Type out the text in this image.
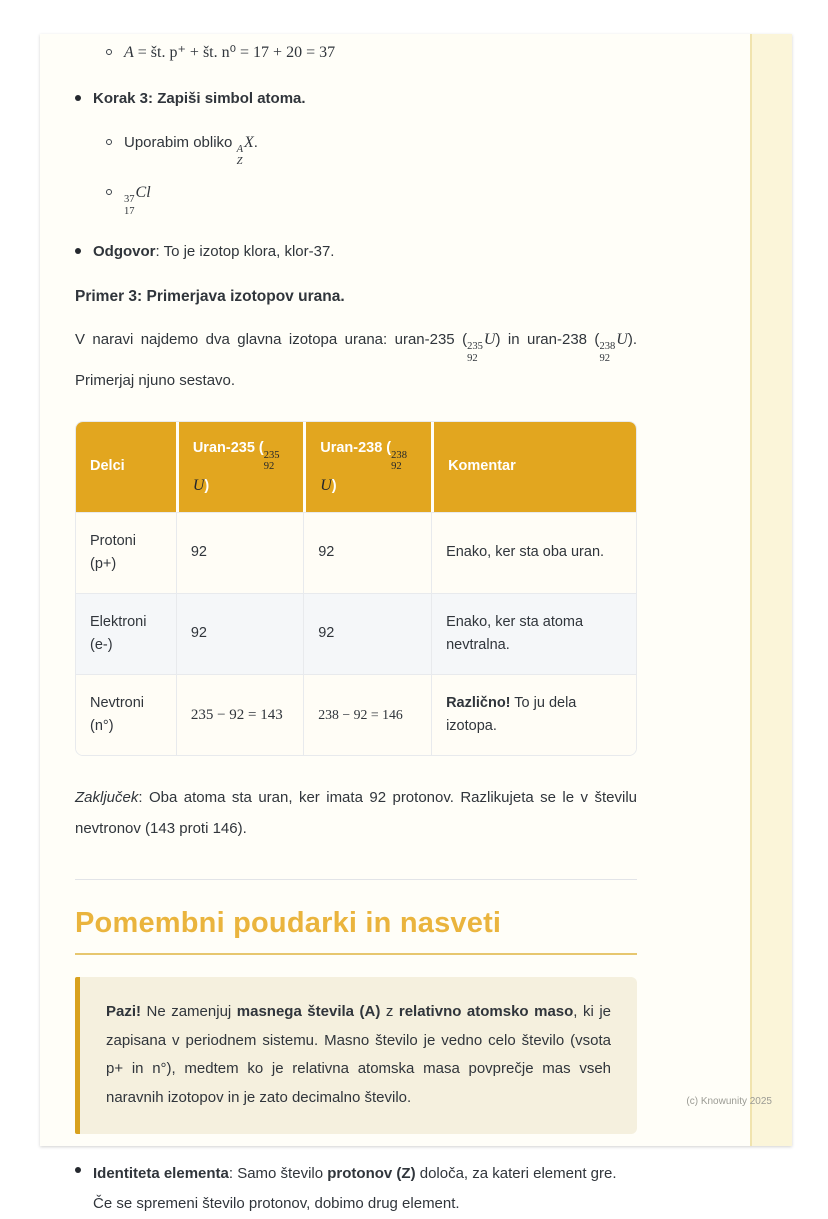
A = št. p⁺ + št. n⁰ = 17 + 20 = 37
Korak 3: Zapiši simbol atoma.
Uporabim obliko A
Z
X.
37
17
Cl
Odgovor: To je izotop klora, klor-37.
Primer 3: Primerjava izotopov urana.

V naravi najdemo dva glavna izotopa urana: uran-235 ( 235
92
U) in uran-238 ( 238
92
U). Primerjaj njuno sestavo.

Delci	Uran-235 ( 235
92
U)	Uran-238 ( 238
92
U)	Komentar
Protoni (p+)	92	92	Enako, ker sta oba uran.
Elektroni (e-)	92	92	Enako, ker sta atoma nevtralna.
Nevtroni (n°)	235 − 92 = 143	238 − 92 = 146	Različno! To ju dela izotopa.

Zaključek: Oba atoma sta uran, ker imata 92 protonov. Razlikujeta se le v številu nevtronov (143 proti 146).

Pomembni poudarki in nasveti

Pazi! Ne zamenjuj masnega števila (A) z relativno atomsko maso, ki je zapisana v periodnem sistemu. Masno število je vedno celo število (vsota p+ in n°), medtem ko je relativna atomska masa povprečje mas vseh naravnih izotopov in je zato decimalno število.

Identiteta elementa: Samo število protonov (Z) določa, za kateri element gre. Če se spremeni število protonov, dobimo drug element.
(c) Knowunity 2025
